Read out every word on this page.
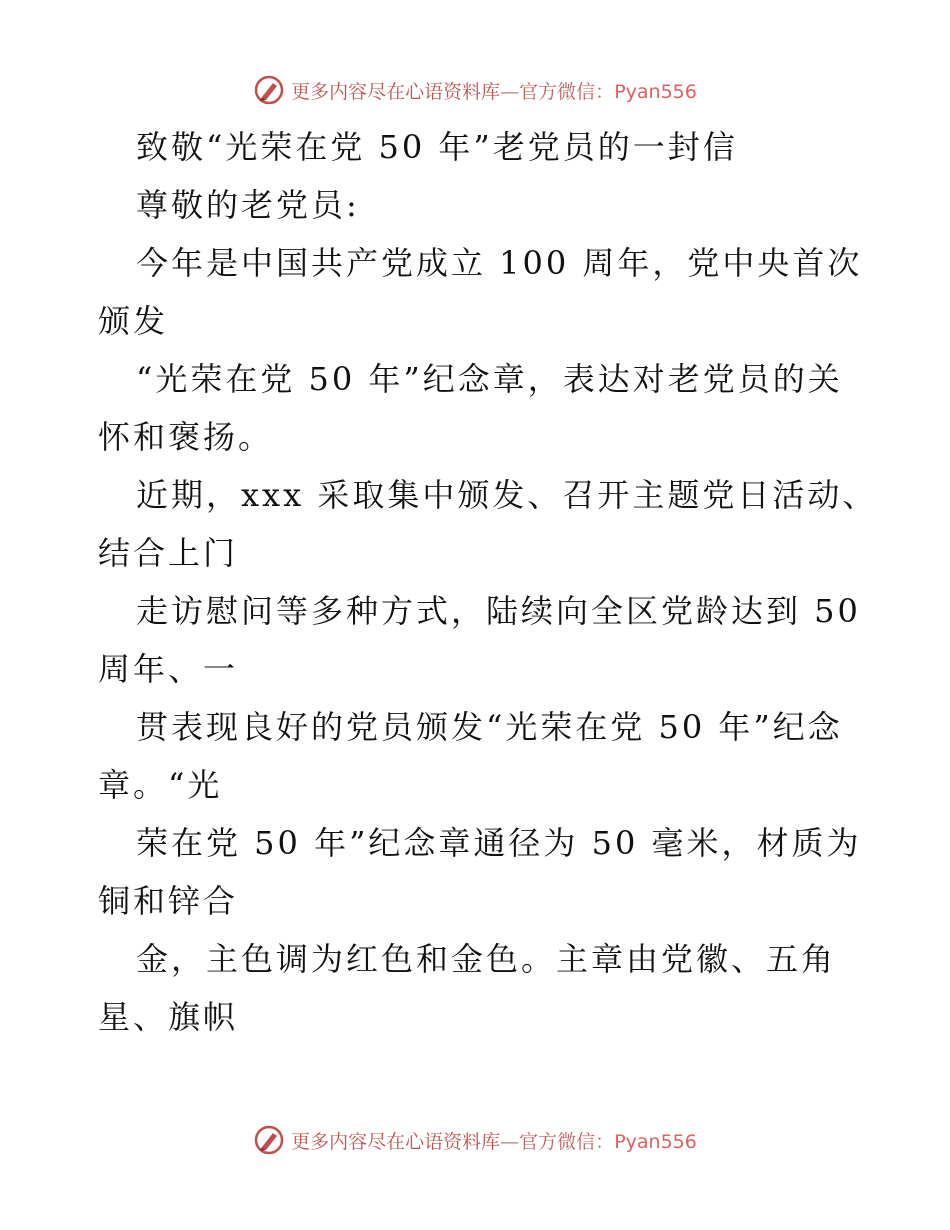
更多内容尽在心语资料库—官方微信：Pyan556
致敬“光荣在党 50 年”老党员的一封信
尊敬的老党员:
今年是中国共产党成立 100 周年，党中央首次
颁发
“光荣在党 50 年”纪念章，表达对老党员的关
怀和褒扬。
近期，xxx 采取集中颁发、召开主题党日活动、
结合上门
走访慰问等多种方式，陆续向全区党龄达到 50
周年、一
贯表现良好的党员颁发“光荣在党 50 年”纪念
章。“光
荣在党 50 年”纪念章通径为 50 毫米，材质为
铜和锌合
金，主色调为红色和金色。主章由党徽、五角
星、旗帜
更多内容尽在心语资料库—官方微信：Pyan556
